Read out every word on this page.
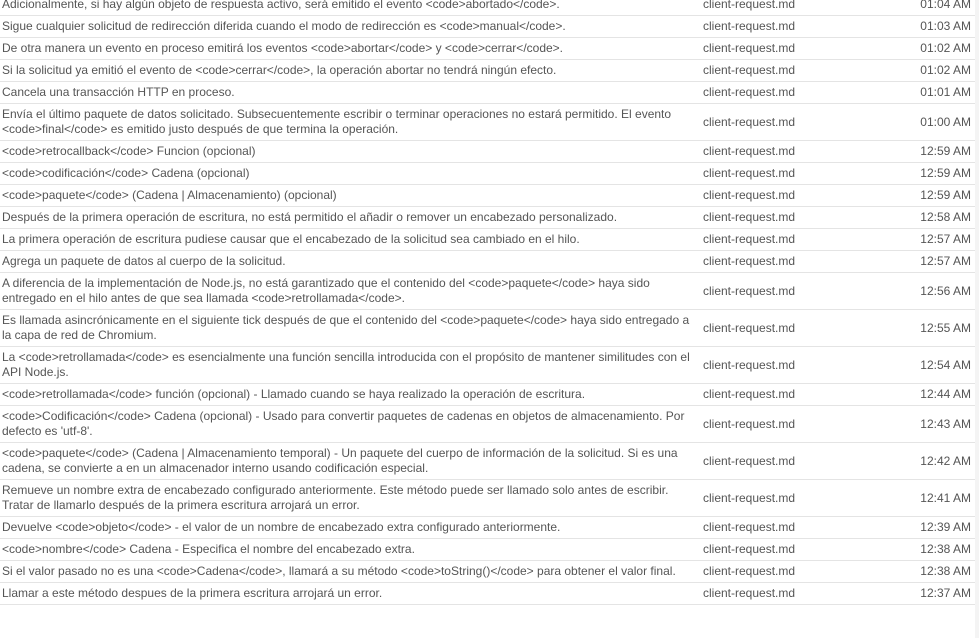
Adicionalmente, si hay algún objeto de respuesta activo, será emitido el evento <code>abortado</code>.	client-request.md	01:04 AM
Sigue cualquier solicitud de redirección diferida cuando el modo de redirección es <code>manual</code>.	client-request.md	01:03 AM
De otra manera un evento en proceso emitirá los eventos <code>abortar</code> y <code>cerrar</code>.	client-request.md	01:02 AM
Si la solicitud ya emitió el evento de <code>cerrar</code>, la operación abortar no tendrá ningún efecto.	client-request.md	01:02 AM
Cancela una transacción HTTP en proceso.	client-request.md	01:01 AM
Envía el último paquete de datos solicitado. Subsecuentemente escribir o terminar operaciones no estará permitido. El evento <code>final</code> es emitido justo después de que termina la operación.	client-request.md	01:00 AM
<code>retrocallback</code> Funcion (opcional)	client-request.md	12:59 AM
<code>codificación</code> Cadena (opcional)	client-request.md	12:59 AM
<code>paquete</code> (Cadena | Almacenamiento) (opcional)	client-request.md	12:59 AM
Después de la primera operación de escritura, no está permitido el añadir o remover un encabezado personalizado.	client-request.md	12:58 AM
La primera operación de escritura pudiese causar que el encabezado de la solicitud sea cambiado en el hilo.	client-request.md	12:57 AM
Agrega un paquete de datos al cuerpo de la solicitud.	client-request.md	12:57 AM
A diferencia de la implementación de Node.js, no está garantizado que el contenido del <code>paquete</code> haya sido entregado en el hilo antes de que sea llamada <code>retrollamada</code>.	client-request.md	12:56 AM
Es llamada asincrónicamente en el siguiente tick después de que el contenido del <code>paquete</code> haya sido entregado a la capa de red de Chromium.	client-request.md	12:55 AM
La <code>retrollamada</code> es esencialmente una función sencilla introducida con el propósito de mantener similitudes con el API Node.js.	client-request.md	12:54 AM
<code>retrollamada</code> función (opcional) - Llamado cuando se haya realizado la operación de escritura.	client-request.md	12:44 AM
<code>Codificación</code> Cadena (opcional) - Usado para convertir paquetes de cadenas en objetos de almacenamiento. Por defecto es 'utf-8'.	client-request.md	12:43 AM
<code>paquete</code> (Cadena | Almacenamiento temporal) - Un paquete del cuerpo de información de la solicitud. Si es una cadena, se convierte a en un almacenador interno usando codificación especial.	client-request.md	12:42 AM
Remueve un nombre extra de encabezado configurado anteriormente. Este método puede ser llamado solo antes de escribir. Tratar de llamarlo después de la primera escritura arrojará un error.	client-request.md	12:41 AM
Devuelve <code>objeto</code> - el valor de un nombre de encabezado extra configurado anteriormente.	client-request.md	12:39 AM
<code>nombre</code> Cadena - Especifica el nombre del encabezado extra.	client-request.md	12:38 AM
Si el valor pasado no es una <code>Cadena</code>, llamará a su método <code>toString()</code> para obtener el valor final.	client-request.md	12:38 AM
Llamar a este método despues de la primera escritura arrojará un error.	client-request.md	12:37 AM
